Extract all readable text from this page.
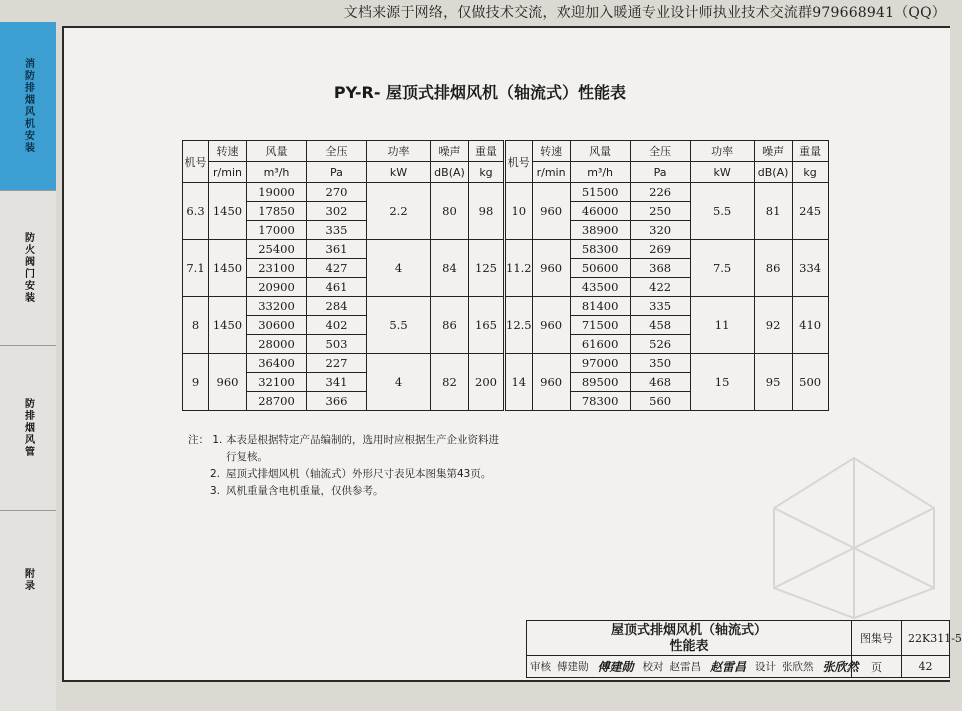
文档来源于网络，仅做技术交流，欢迎加入暖通专业设计师执业技术交流群979668941（QQ）
消防排烟风机安装
防火阀门安装
防排烟风管
附录
PY-R- 屋顶式排烟风机（轴流式）性能表
机号	转速	风量	全压	功率	噪声	重量	机号	转速	风量	全压	功率	噪声	重量
	r/min	m³/h	Pa	kW	dB(A)	kg		r/min	m³/h	Pa	kW	dB(A)	kg
6.3	1450	19000	270	2.2	80	98	10	960	51500	226	5.5	81	245
		17850	302						46000	250			
		17000	335						38900	320			
7.1	1450	25400	361	4	84	125	11.2	960	58300	269	7.5	86	334
		23100	427						50600	368			
		20900	461						43500	422			
8	1450	33200	284	5.5	86	165	12.5	960	81400	335	11	92	410
		30600	402						71500	458			
		28000	503						61600	526			
9	960	36400	227	4	82	200	14	960	97000	350	15	95	500
		32100	341						89500	468			
		28700	366						78300	560			
注： 1. 本表是根据特定产品编制的，选用时应根据生产企业资料进
行复核。
2. 屋顶式排烟风机（轴流式）外形尺寸表见本图集第43页。
3. 风机重量含电机重量，仅供参考。
屋顶式排烟风机（轴流式）
性能表
图集号	22K311-5
审核 傅建勋 傅建勋 校对 赵雷昌 赵雷昌 设计 张欣然 张欣然	页	42
